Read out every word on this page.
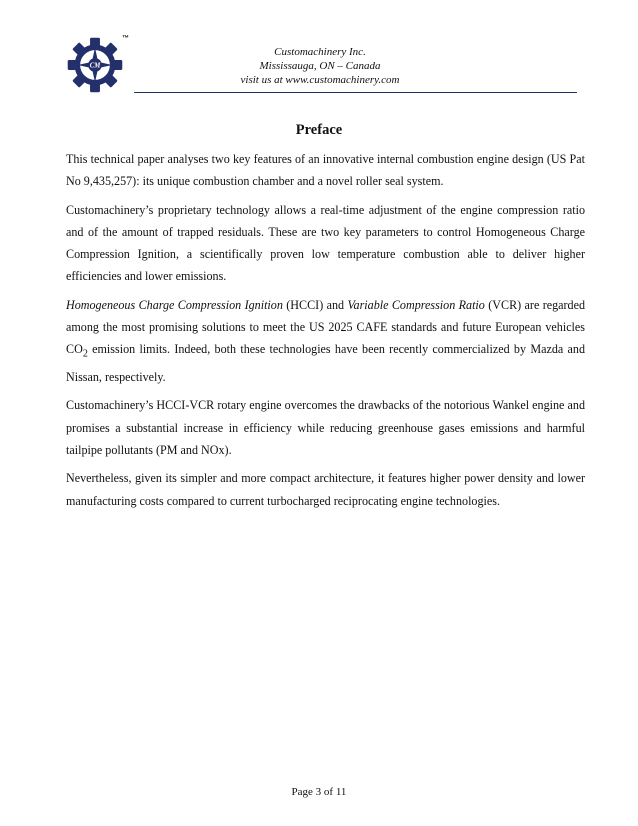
CM
™
Customachinery Inc.
Mississauga, ON – Canada
visit us at www.customachinery.com
Preface

This technical paper analyses two key features of an innovative internal combustion engine design (US Pat No 9,435,257): its unique combustion chamber and a novel roller seal system.

Customachinery’s proprietary technology allows a real-time adjustment of the engine compression ratio and of the amount of trapped residuals. These are two key parameters to control Homogeneous Charge Compression Ignition, a scientifically proven low temperature combustion able to deliver higher efficiencies and lower emissions.

Homogeneous Charge Compression Ignition (HCCI) and Variable Compression Ratio (VCR) are regarded among the most promising solutions to meet the US 2025 CAFE standards and future European vehicles $CO_2$ emission limits. Indeed, both these technologies have been recently commercialized by Mazda and Nissan, respectively.

Customachinery’s HCCI-VCR rotary engine overcomes the drawbacks of the notorious Wankel engine and promises a substantial increase in efficiency while reducing greenhouse gases emissions and harmful tailpipe pollutants (PM and NOx).

Nevertheless, given its simpler and more compact architecture, it features higher power density and lower manufacturing costs compared to current turbocharged reciprocating engine technologies.

Page 3 of 11
